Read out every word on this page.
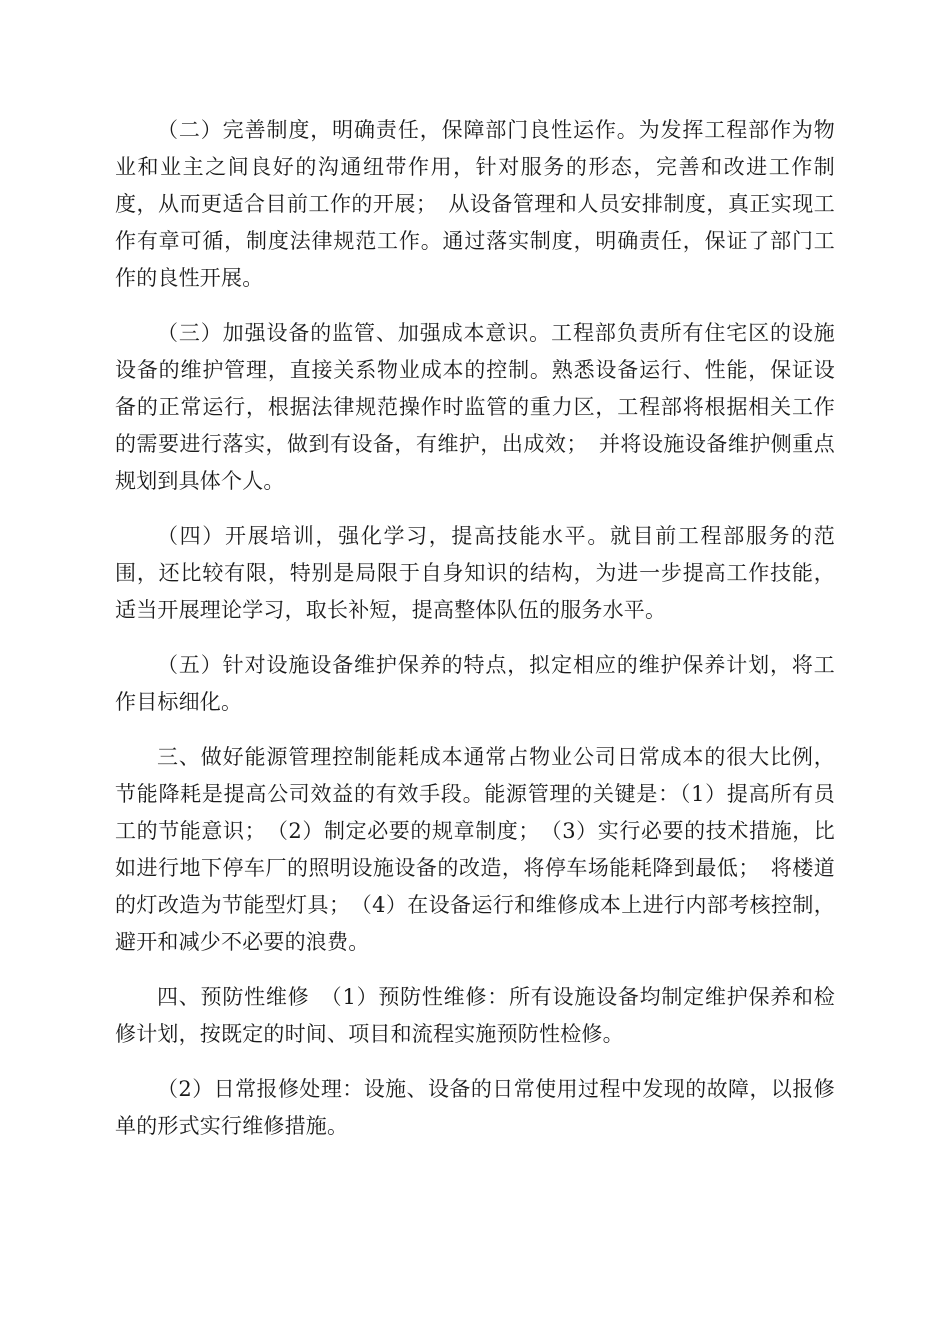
（二）完善制度，明确责任，保障部门良性运作。为发挥工程部作为物业和业主之间良好的沟通纽带作用，针对服务的形态，完善和改进工作制度，从而更适合目前工作的开展；　从设备管理和人员安排制度，真正实现工作有章可循，制度法律规范工作。通过落实制度，明确责任，保证了部门工作的良性开展。

（三）加强设备的监管、加强成本意识。工程部负责所有住宅区的设施设备的维护管理，直接关系物业成本的控制。熟悉设备运行、性能，保证设备的正常运行，根据法律规范操作时监管的重力区，工程部将根据相关工作的需要进行落实，做到有设备，有维护，出成效；　并将设施设备维护侧重点规划到具体个人。

（四）开展培训，强化学习，提高技能水平。就目前工程部服务的范围，还比较有限，特别是局限于自身知识的结构，为进一步提高工作技能，适当开展理论学习，取长补短，提高整体队伍的服务水平。

（五）针对设施设备维护保养的特点，拟定相应的维护保养计划，将工作目标细化。

三、做好能源管理控制能耗成本通常占物业公司日常成本的很大比例，节能降耗是提高公司效益的有效手段。能源管理的关键是：（1）提高所有员工的节能意识；　（2）制定必要的规章制度；　（3）实行必要的技术措施，比如进行地下停车厂的照明设施设备的改造，将停车场能耗降到最低；　将楼道的灯改造为节能型灯具；　（4）在设备运行和维修成本上进行内部考核控制，避开和减少不必要的浪费。

四、预防性维修　（1）预防性维修：所有设施设备均制定维护保养和检修计划，按既定的时间、项目和流程实施预防性检修。

（2）日常报修处理：设施、设备的日常使用过程中发现的故障，以报修单的形式实行维修措施。
